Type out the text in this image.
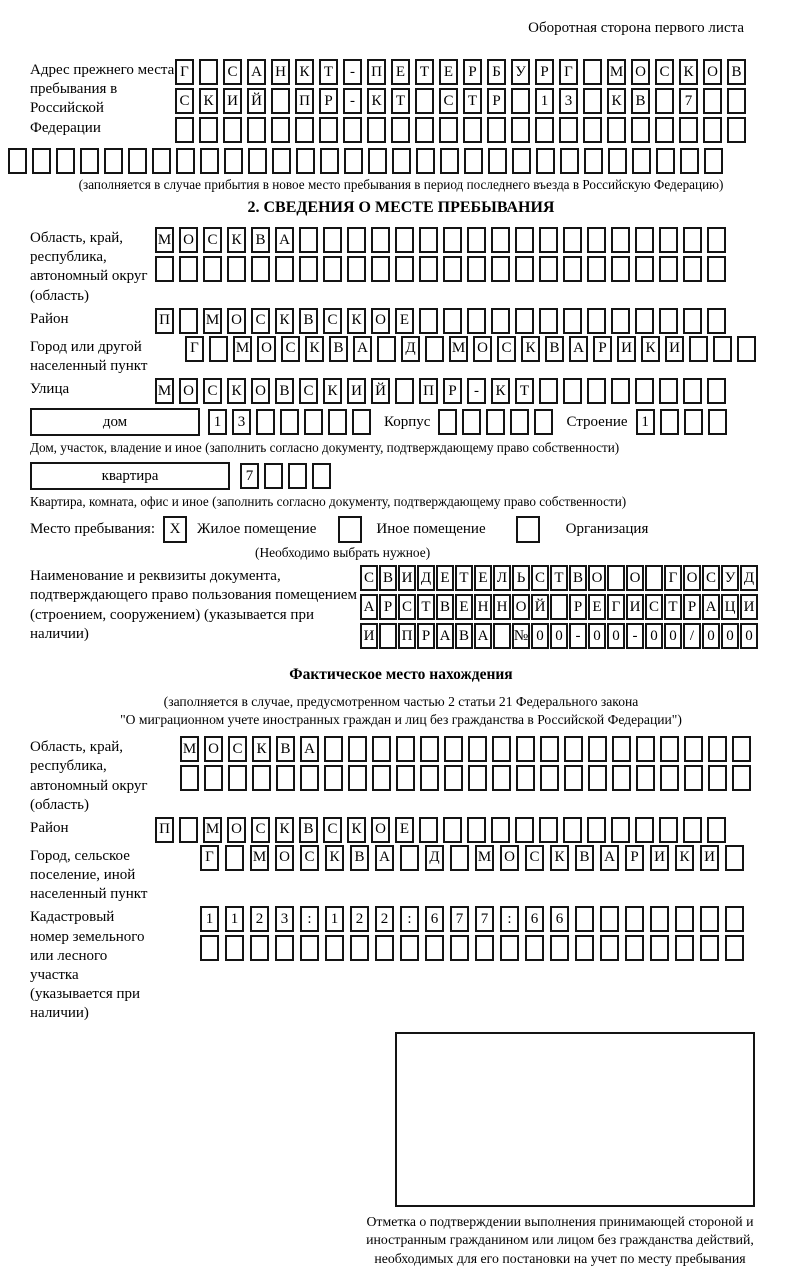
Оборотная сторона первого листа
Адрес прежнего места пребывания в Российской Федерации
Г	С А Н К Т	-	П Е Т Е	Р	Б У Р	Г	М О С К О В
С К И Й П Р	-	К Т	С Т	Р	1	3	К В	7
(заполняется в случае прибытия в новое место пребывания в период последнего въезда в Российскую Федерацию)
2. СВЕДЕНИЯ О МЕСТЕ ПРЕБЫВАНИЯ
Область, край, республика, автономный округ (область)
М О С К В А
Район	П М О С К В С К О Е
Город или другой населенный пункт
Г	М О С К В А Д М О С К В А Р И К И
Улица	М О С К О В С К И Й П Р	-	К Т
дом	1	3	Корпус	Строение 1
Дом, участок, владение и иное (заполнить согласно документу, подтверждающему право собственности)
квартира	7
Квартира, комната, офис и иное (заполнить согласно документу, подтверждающему право собственности)
Место пребывания: X	Жилое помещение	Иное помещение	Организация
(Необходимо выбрать нужное)
Наименование и реквизиты документа, подтверждающего право пользования помещением (строением, сооружением) (указывается при наличии)
С В И Д Е Т Е Л Ь С Т В О О	Г О С У Д
А Р С Т В Е Н Н О Й	Р Е Г И С Т Р А Ц И
И П Р А В А № 0 0 - 0 0 - 0 0 / 0 0 0
Фактическое место нахождения
(заполняется в случае, предусмотренном частью 2 статьи 21 Федерального закона
"О миграционном учете иностранных граждан и лиц без гражданства в Российской Федерации")
Область, край, республика, автономный округ (область)
М О С К В А
Район	П М О С К В С К О Е
Город, сельское поселение, иной населенный пункт
Г	М О С К В А	Д	М О С К В А	Р	И К И
Кадастровый номер земельного или лесного участка (указывается при наличии)
1	1	2	3	:	1	2	2	:	6	7	7	:	6	6
Отметка о подтверждении выполнения принимающей стороной и иностранным гражданином или лицом без гражданства действий, необходимых для его постановки на учет по месту пребывания
